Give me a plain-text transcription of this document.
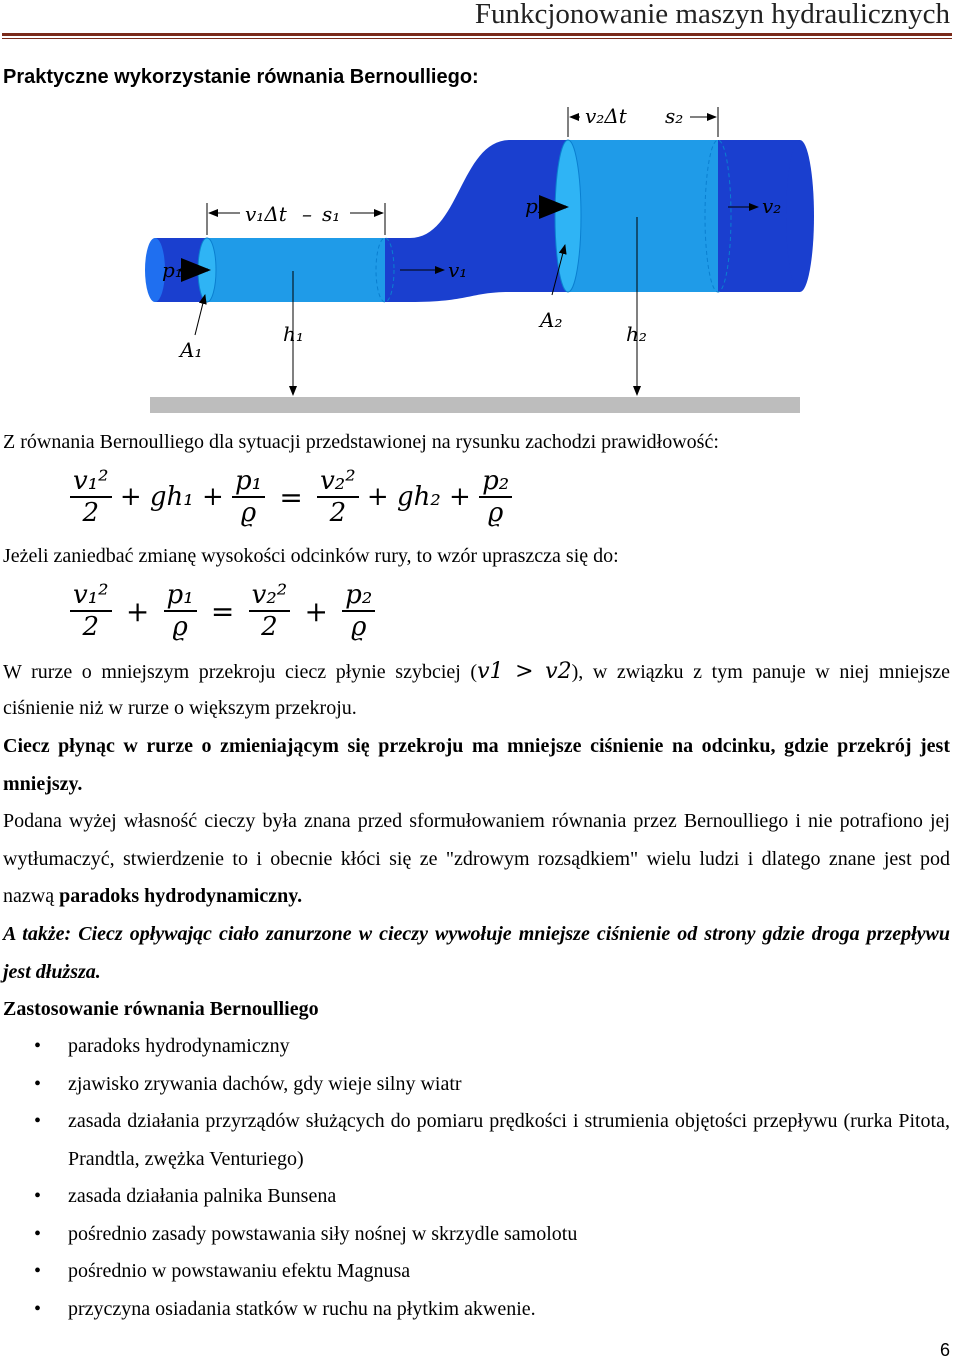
Funkcjonowanie maszyn hydraulicznych
Praktyczne wykorzystanie równania Bernoulliego:
v₁Δt – s₁
v₂Δt s₂
p₁	v₁
p₂	v₂
A₁
A₂
h₁	h₂
Z równania Bernoulliego dla sytuacji przedstawionej na rysunku zachodzi prawidłowość:
$\frac{\text{v₁²}}{2} + gh_1 + \frac{\text{p₁}}{ϱ} = \frac{\text{v₂²}}{2} + gh_2 + \frac{\text{p₂}}{ϱ}$
Jeżeli zaniedbać zmianę wysokości odcinków rury, to wzór upraszcza się do:
$\frac{\text{v₁²}}{2} + \frac{\text{p₁}}{ϱ} = \frac{\text{v₂²}}{2} + \frac{\text{p₂}}{ϱ}$
W rurze o mniejszym przekroju ciecz płynie szybciej (v1 > v2), w związku z tym panuje w niej mniejsze
ciśnienie niż w rurze o większym przekroju.
Ciecz płynąc w rurze o zmieniającym się przekroju ma mniejsze ciśnienie na odcinku, gdzie przekrój jest mniejszy.
Podana wyżej własność cieczy była znana przed sformułowaniem równania przez Bernoulliego i nie potrafiono jej wytłumaczyć, stwierdzenie to i obecnie kłóci się ze "zdrowym rozsądkiem" wielu ludzi i dlatego znane jest pod nazwą paradoks hydrodynamiczny.
A także: Ciecz opływając ciało zanurzone w cieczy wywołuje mniejsze ciśnienie od strony gdzie droga przepływu jest dłuższa.
Zastosowanie równania Bernoulliego
• paradoks hydrodynamiczny
• zjawisko zrywania dachów, gdy wieje silny wiatr
• zasada działania przyrządów służących do pomiaru prędkości i strumienia objętości przepływu (rurka Pitota, Prandtla, zwężka Venturiego)
• zasada działania palnika Bunsena
• pośrednio zasady powstawania siły nośnej w skrzydle samolotu
• pośrednio w powstawaniu efektu Magnusa
• przyczyna osiadania statków w ruchu na płytkim akwenie.
6
